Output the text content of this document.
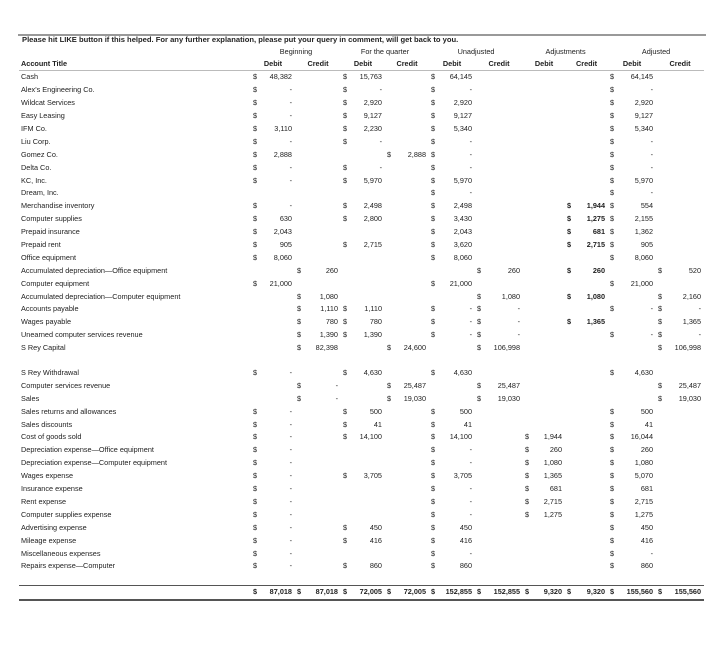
Please hit LIKE button if this helped. For any further explanation, please put your query in comment, will get back to you.
	Beginning		For the quarter		Unadjusted		Adjustments		Adjusted	
Account Title	Debit	Credit	Debit	Credit	Debit	Credit	Debit	Credit	Debit	Credit
Cash	$ 48,382		$ 15,763		$ 64,145				$ 64,145	

Alex's Engineering Co.	$ -		$ -		$ -				$ -	

Wildcat Services	$ -		$ 2,920		$ 2,920				$ 2,920	

Easy Leasing	$ -		$ 9,127		$ 9,127				$ 9,127	

IFM Co.	$ 3,110		$ 2,230		$ 5,340				$ 5,340	

Liu Corp.	$ -		$ -		$ -				$ -	

Gomez Co.	$ 2,888			$ 2,888	$ -				$ -	

Delta Co.	$ -		$ -		$ -				$ -	

KC, Inc.	$ -		$ 5,970		$ 5,970				$ 5,970	

Dream, Inc.					$ -				$ -	

Merchandise inventory	$ -		$ 2,498		$ 2,498			$ 1,944	$ 554	

Computer supplies	$ 630		$ 2,800		$ 3,430			$ 1,275	$ 2,155	

Prepaid insurance	$ 2,043				$ 2,043			$ 681	$ 1,362	

Prepaid rent	$ 905		$ 2,715		$ 3,620			$ 2,715	$ 905	

Office equipment	$ 8,060				$ 8,060				$ 8,060	

Accumulated depreciation—Office equipment		$ 260				$ 260		$ 260		$ 520

Computer equipment	$ 21,000				$ 21,000				$ 21,000	

Accumulated depreciation—Computer equipment		$ 1,080				$ 1,080		$ 1,080		$ 2,160

Accounts payable		$ 1,110	$ 1,110		$ -	$ -			$ -	$ -

Wages payable		$ 780	$ 780		$ -	$ -		$ 1,365		$ 1,365

Unearned computer services revenue		$ 1,390	$ 1,390		$ -	$ -			$ -	$ -

S Rey Capital		$ 82,398		$ 24,600		$ 106,998				$ 106,998

S Rey Withdrawal	$ -		$ 4,630		$ 4,630				$ 4,630	

Computer services revenue		$ -		$ 25,487		$ 25,487				$ 25,487

Sales		$ -		$ 19,030		$ 19,030				$ 19,030

Sales returns and allowances	$ -		$ 500		$ 500				$ 500	

Sales discounts	$ -		$ 41		$ 41				$ 41	

Cost of goods sold	$ -		$ 14,100		$ 14,100		$ 1,944		$ 16,044	

Depreciation expense—Office equipment	$ -				$ -		$ 260		$ 260	

Depreciation expense—Computer equipment	$ -				$ -		$ 1,080		$ 1,080	

Wages expense	$ -		$ 3,705		$ 3,705		$ 1,365		$ 5,070	

Insurance expense	$ -				$ -		$ 681		$ 681	

Rent expense	$ -				$ -		$ 2,715		$ 2,715	

Computer supplies expense	$ -				$ -		$ 1,275		$ 1,275	

Advertising expense	$ -		$ 450		$ 450				$ 450	

Mileage expense	$ -		$ 416		$ 416				$ 416	

Miscellaneous expenses	$ -				$ -				$ -	

Repairs expense—Computer	$ -		$ 860		$ 860				$ 860	

	$ 87,018	$ 87,018	$ 72,005	$ 72,005	$ 152,855	$ 152,855	$ 9,320	$ 9,320	$ 155,560	$ 155,560
